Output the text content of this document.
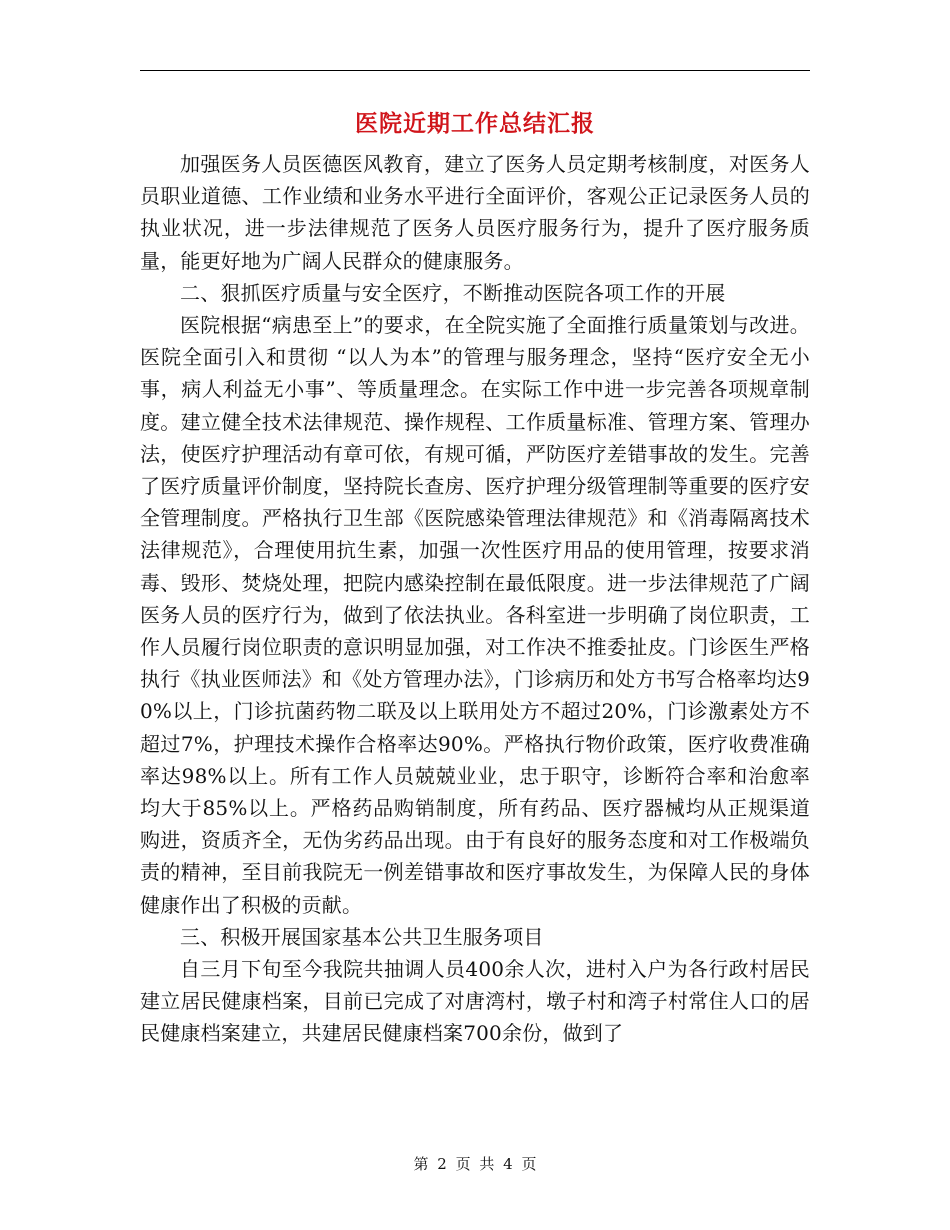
医院近期工作总结汇报

加强医务人员医德医风教育，建立了医务人员定期考核制度，对医务人员职业道德、工作业绩和业务水平进行全面评价，客观公正记录医务人员的执业状况，进一步法律规范了医务人员医疗服务行为，提升了医疗服务质量，能更好地为广阔人民群众的健康服务。

二、狠抓医疗质量与安全医疗，不断推动医院各项工作的开展

医院根据“病患至上”的要求，在全院实施了全面推行质量策划与改进。医院全面引入和贯彻 “以人为本”的管理与服务理念，坚持“医疗安全无小事，病人利益无小事”、等质量理念。在实际工作中进一步完善各项规章制度。建立健全技术法律规范、操作规程、工作质量标准、管理方案、管理办法，使医疗护理活动有章可依，有规可循，严防医疗差错事故的发生。完善了医疗质量评价制度，坚持院长查房、医疗护理分级管理制等重要的医疗安全管理制度。严格执行卫生部《医院感染管理法律规范》和《消毒隔离技术法律规范》，合理使用抗生素，加强一次性医疗用品的使用管理，按要求消毒、毁形、焚烧处理，把院内感染控制在最低限度。进一步法律规范了广阔医务人员的医疗行为，做到了依法执业。各科室进一步明确了岗位职责，工作人员履行岗位职责的意识明显加强，对工作决不推委扯皮。门诊医生严格执行《执业医师法》和《处方管理办法》，门诊病历和处方书写合格率均达90%以上，门诊抗菌药物二联及以上联用处方不超过20%，门诊激素处方不超过7%，护理技术操作合格率达90%。严格执行物价政策，医疗收费准确率达98%以上。所有工作人员兢兢业业，忠于职守，诊断符合率和治愈率均大于85%以上。严格药品购销制度，所有药品、医疗器械均从正规渠道购进，资质齐全，无伪劣药品出现。由于有良好的服务态度和对工作极端负责的精神，至目前我院无一例差错事故和医疗事故发生，为保障人民的身体健康作出了积极的贡献。

三、积极开展国家基本公共卫生服务项目

自三月下旬至今我院共抽调人员400余人次，进村入户为各行政村居民建立居民健康档案，目前已完成了对唐湾村，墩子村和湾子村常住人口的居民健康档案建立，共建居民健康档案700余份，做到了

第 2 页 共 4 页
